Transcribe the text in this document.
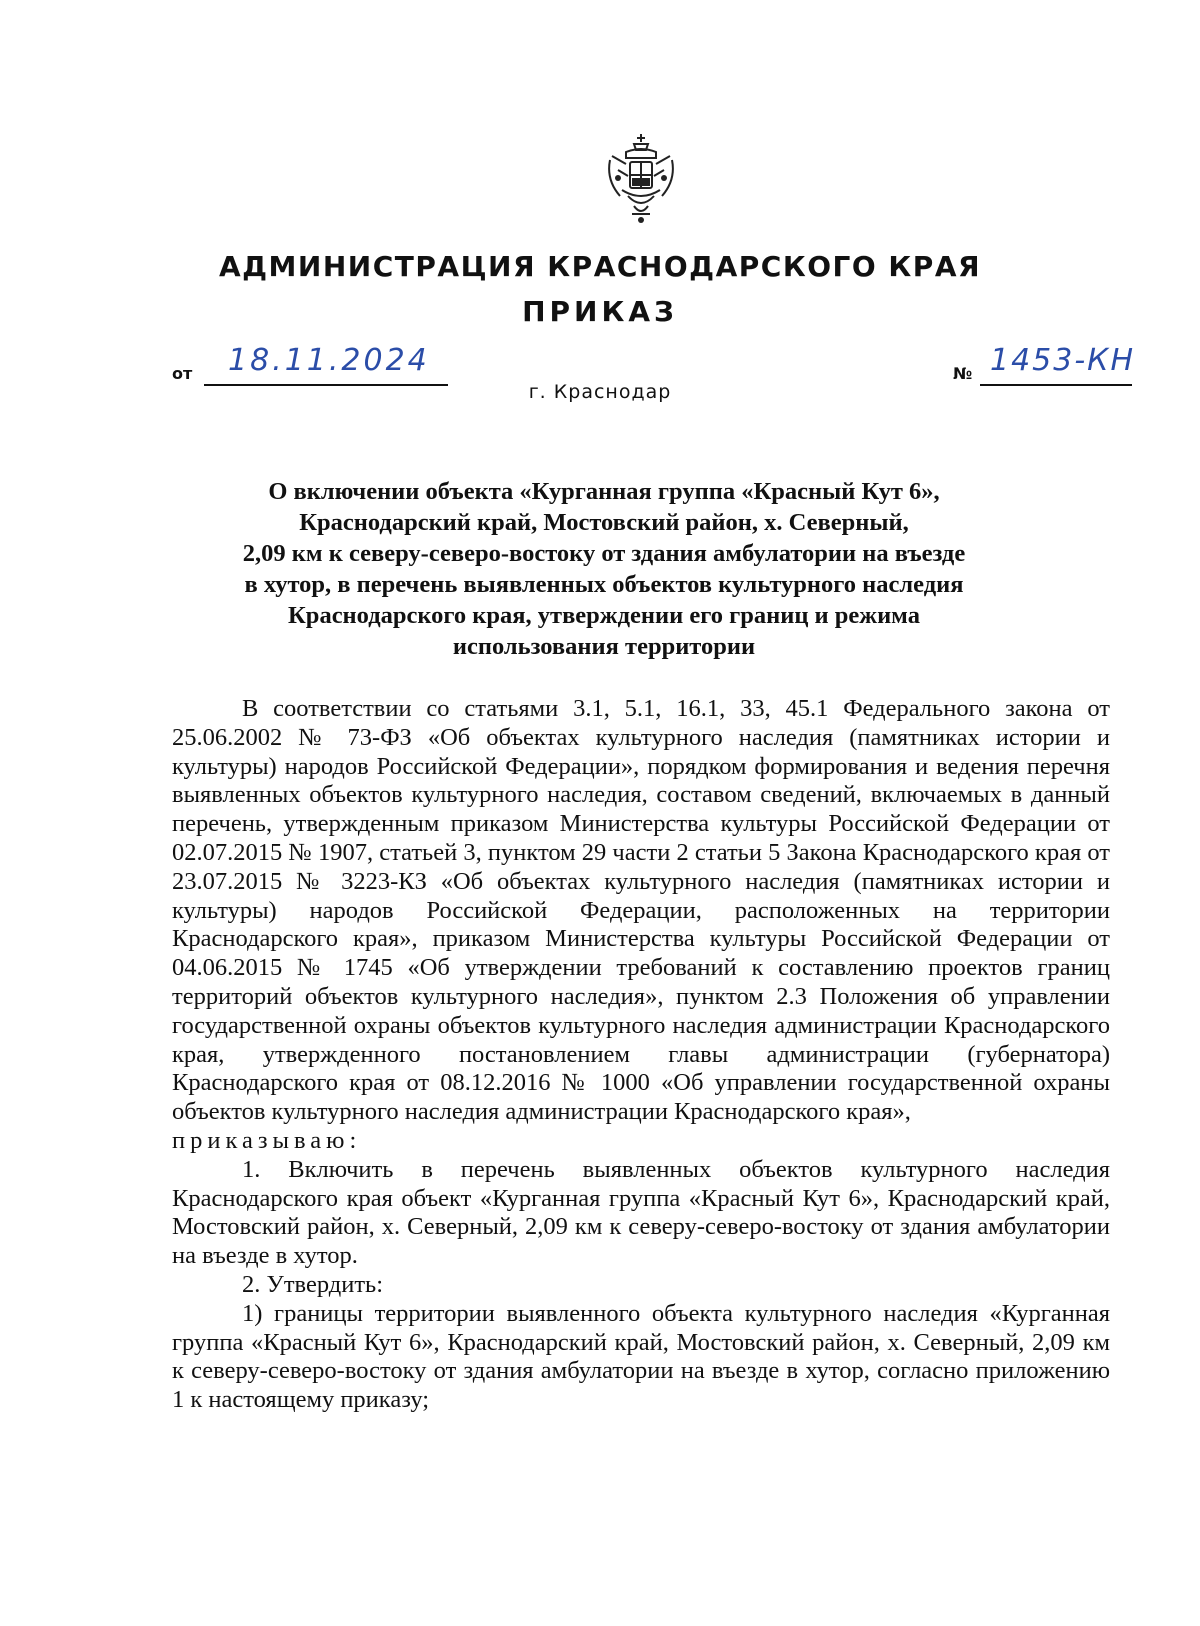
АДМИНИСТРАЦИЯ КРАСНОДАРСКОГО КРАЯ
ПРИКАЗ
от 18.11.2024	№ 1453-КН
г. Краснодар
О включении объекта «Курганная группа «Красный Кут 6»,
Краснодарский край, Мостовский район, х. Северный,
2,09 км к северу-северо-востоку от здания амбулатории на въезде
в хутор, в перечень выявленных объектов культурного наследия
Краснодарского края, утверждении его границ и режима
использования территории

В соответствии со статьями 3.1, 5.1, 16.1, 33, 45.1 Федерального закона от 25.06.2002 № 73-ФЗ «Об объектах культурного наследия (памятниках истории и культуры) народов Российской Федерации», порядком формирования и ведения перечня выявленных объектов культурного наследия, составом сведений, включаемых в данный перечень, утвержденным приказом Министерства культуры Российской Федерации от 02.07.2015 № 1907, статьей 3, пунктом 29 части 2 статьи 5 Закона Краснодарского края от 23.07.2015 № 3223-КЗ «Об объектах культурного наследия (памятниках истории и культуры) народов Российской Федерации, расположенных на территории Краснодарского края», приказом Министерства культуры Российской Федерации от 04.06.2015 № 1745 «Об утверждении требований к составлению проектов границ территорий объектов культурного наследия», пунктом 2.3 Положения об управлении государственной охраны объектов культурного наследия администрации Краснодарского края, утвержденного постановлением главы администрации (губернатора) Краснодарского края от 08.12.2016 № 1000 «Об управлении государственной охраны объектов культурного наследия администрации Краснодарского края»,

приказываю:

1. Включить в перечень выявленных объектов культурного наследия Краснодарского края объект «Курганная группа «Красный Кут 6», Краснодарский край, Мостовский район, х. Северный, 2,09 км к северу-северо-востоку от здания амбулатории на въезде в хутор.

2. Утвердить:

1) границы территории выявленного объекта культурного наследия «Курганная группа «Красный Кут 6», Краснодарский край, Мостовский район, х. Северный, 2,09 км к северу-северо-востоку от здания амбулатории на въезде в хутор, согласно приложению 1 к настоящему приказу;
